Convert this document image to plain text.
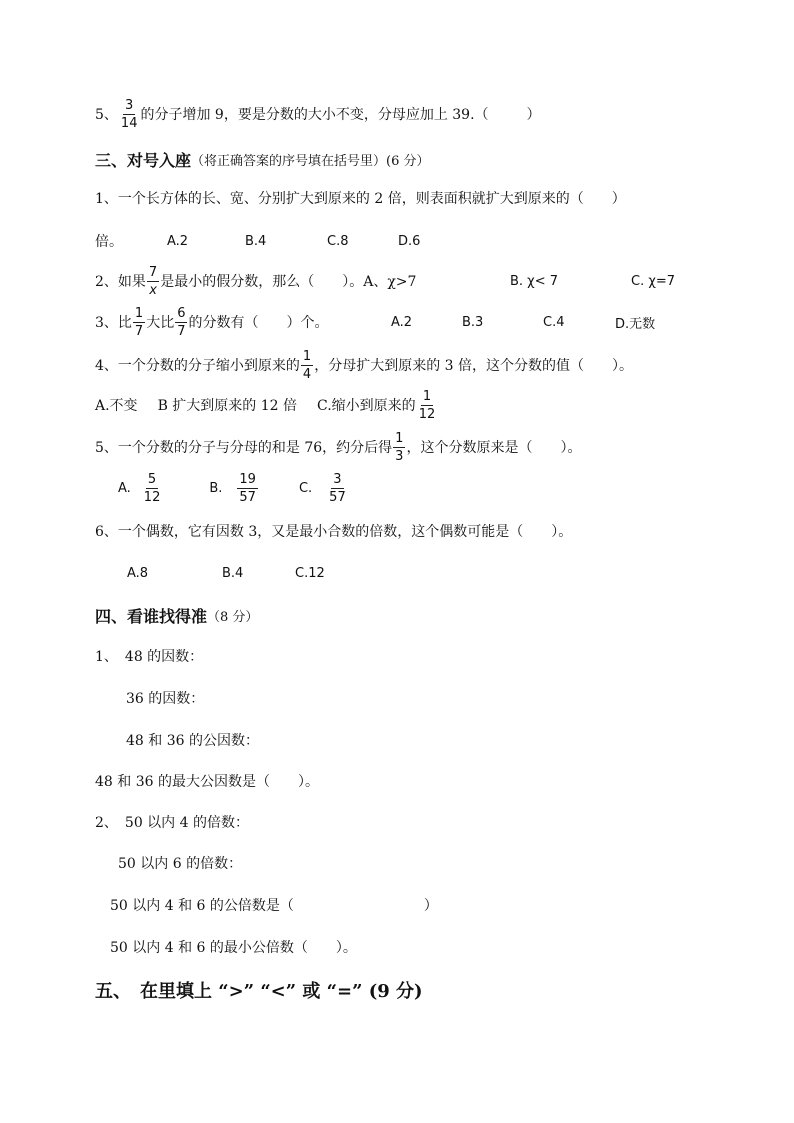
5、 $\frac{3}{14}$ 的分子增加 9，要是分数的大小不变，分母应加上 39.（	）
三、对号入座 （将正确答案的序号填在括号里）(6 分）
1、一个长方体的长、宽、分别扩大到原来的 2 倍，则表面积就扩大到原来的（　　）
倍。	A.2	B.4	C.8	D.6
2、如果 $\frac{7}{x}$ 是最小的假分数，那么（　　）。A、χ>7	B. χ< 7	C. χ=7
3、比 $\frac{1}{7}$ 大比 $\frac{6}{7}$ 的分数有（　　）个。	A.2	B.3	C.4	D.无数
4、一个分数的分子缩小到原来的 $\frac{1}{4}$ ，分母扩大到原来的 3 倍，这个分数的值（　　）。
A.不变 B 扩大到原来的 12 倍 C.缩小到原来的 $\frac{1}{12}$
5、一个分数的分子与分母的和是 76，约分后得 $\frac{1}{3}$ ，这个分数原来是（　　）。
A. $\frac{5}{12}$	B. $\frac{19}{57}$	C. $\frac{3}{57}$
6、一个偶数，它有因数 3，又是最小合数的倍数，这个偶数可能是（　　）。
A.8	B.4	C.12
四、看谁找得准 （8 分）
1、　48 的因数：
36 的因数：
48 和 36 的公因数：
48 和 36 的最大公因数是（　　）。
2、　50 以内 4 的倍数：
50 以内 6 的倍数：
50 以内 4 和 6 的公倍数是（	）
50 以内 4 和 6 的最小公倍数（　　）。
五、　在里填上 “>” “<” 或 “=” (9 分)
